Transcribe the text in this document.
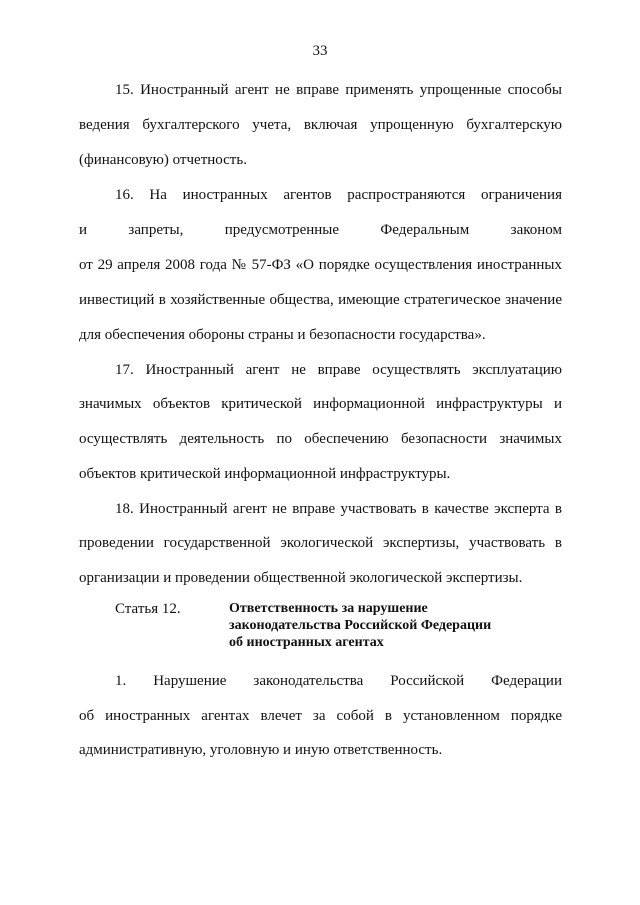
33
15. Иностранный агент не вправе применять упрощенные способы
ведения бухгалтерского учета, включая упрощенную бухгалтерскую
(финансовую) отчетность.
16. На иностранных агентов распространяются ограничения
и запреты, предусмотренные Федеральным законом
от 29 апреля 2008 года № 57-ФЗ «О порядке осуществления иностранных
инвестиций в хозяйственные общества, имеющие стратегическое значение
для обеспечения обороны страны и безопасности государства».
17. Иностранный агент не вправе осуществлять эксплуатацию
значимых объектов критической информационной инфраструктуры и
осуществлять деятельность по обеспечению безопасности значимых
объектов критической информационной инфраструктуры.
18. Иностранный агент не вправе участвовать в качестве эксперта в
проведении государственной экологической экспертизы, участвовать в
организации и проведении общественной экологической экспертизы.
Статья 12.	Ответственность за нарушение
законодательства Российской Федерации
об иностранных агентах
1. Нарушение законодательства Российской Федерации
об иностранных агентах влечет за собой в установленном порядке
административную, уголовную и иную ответственность.
